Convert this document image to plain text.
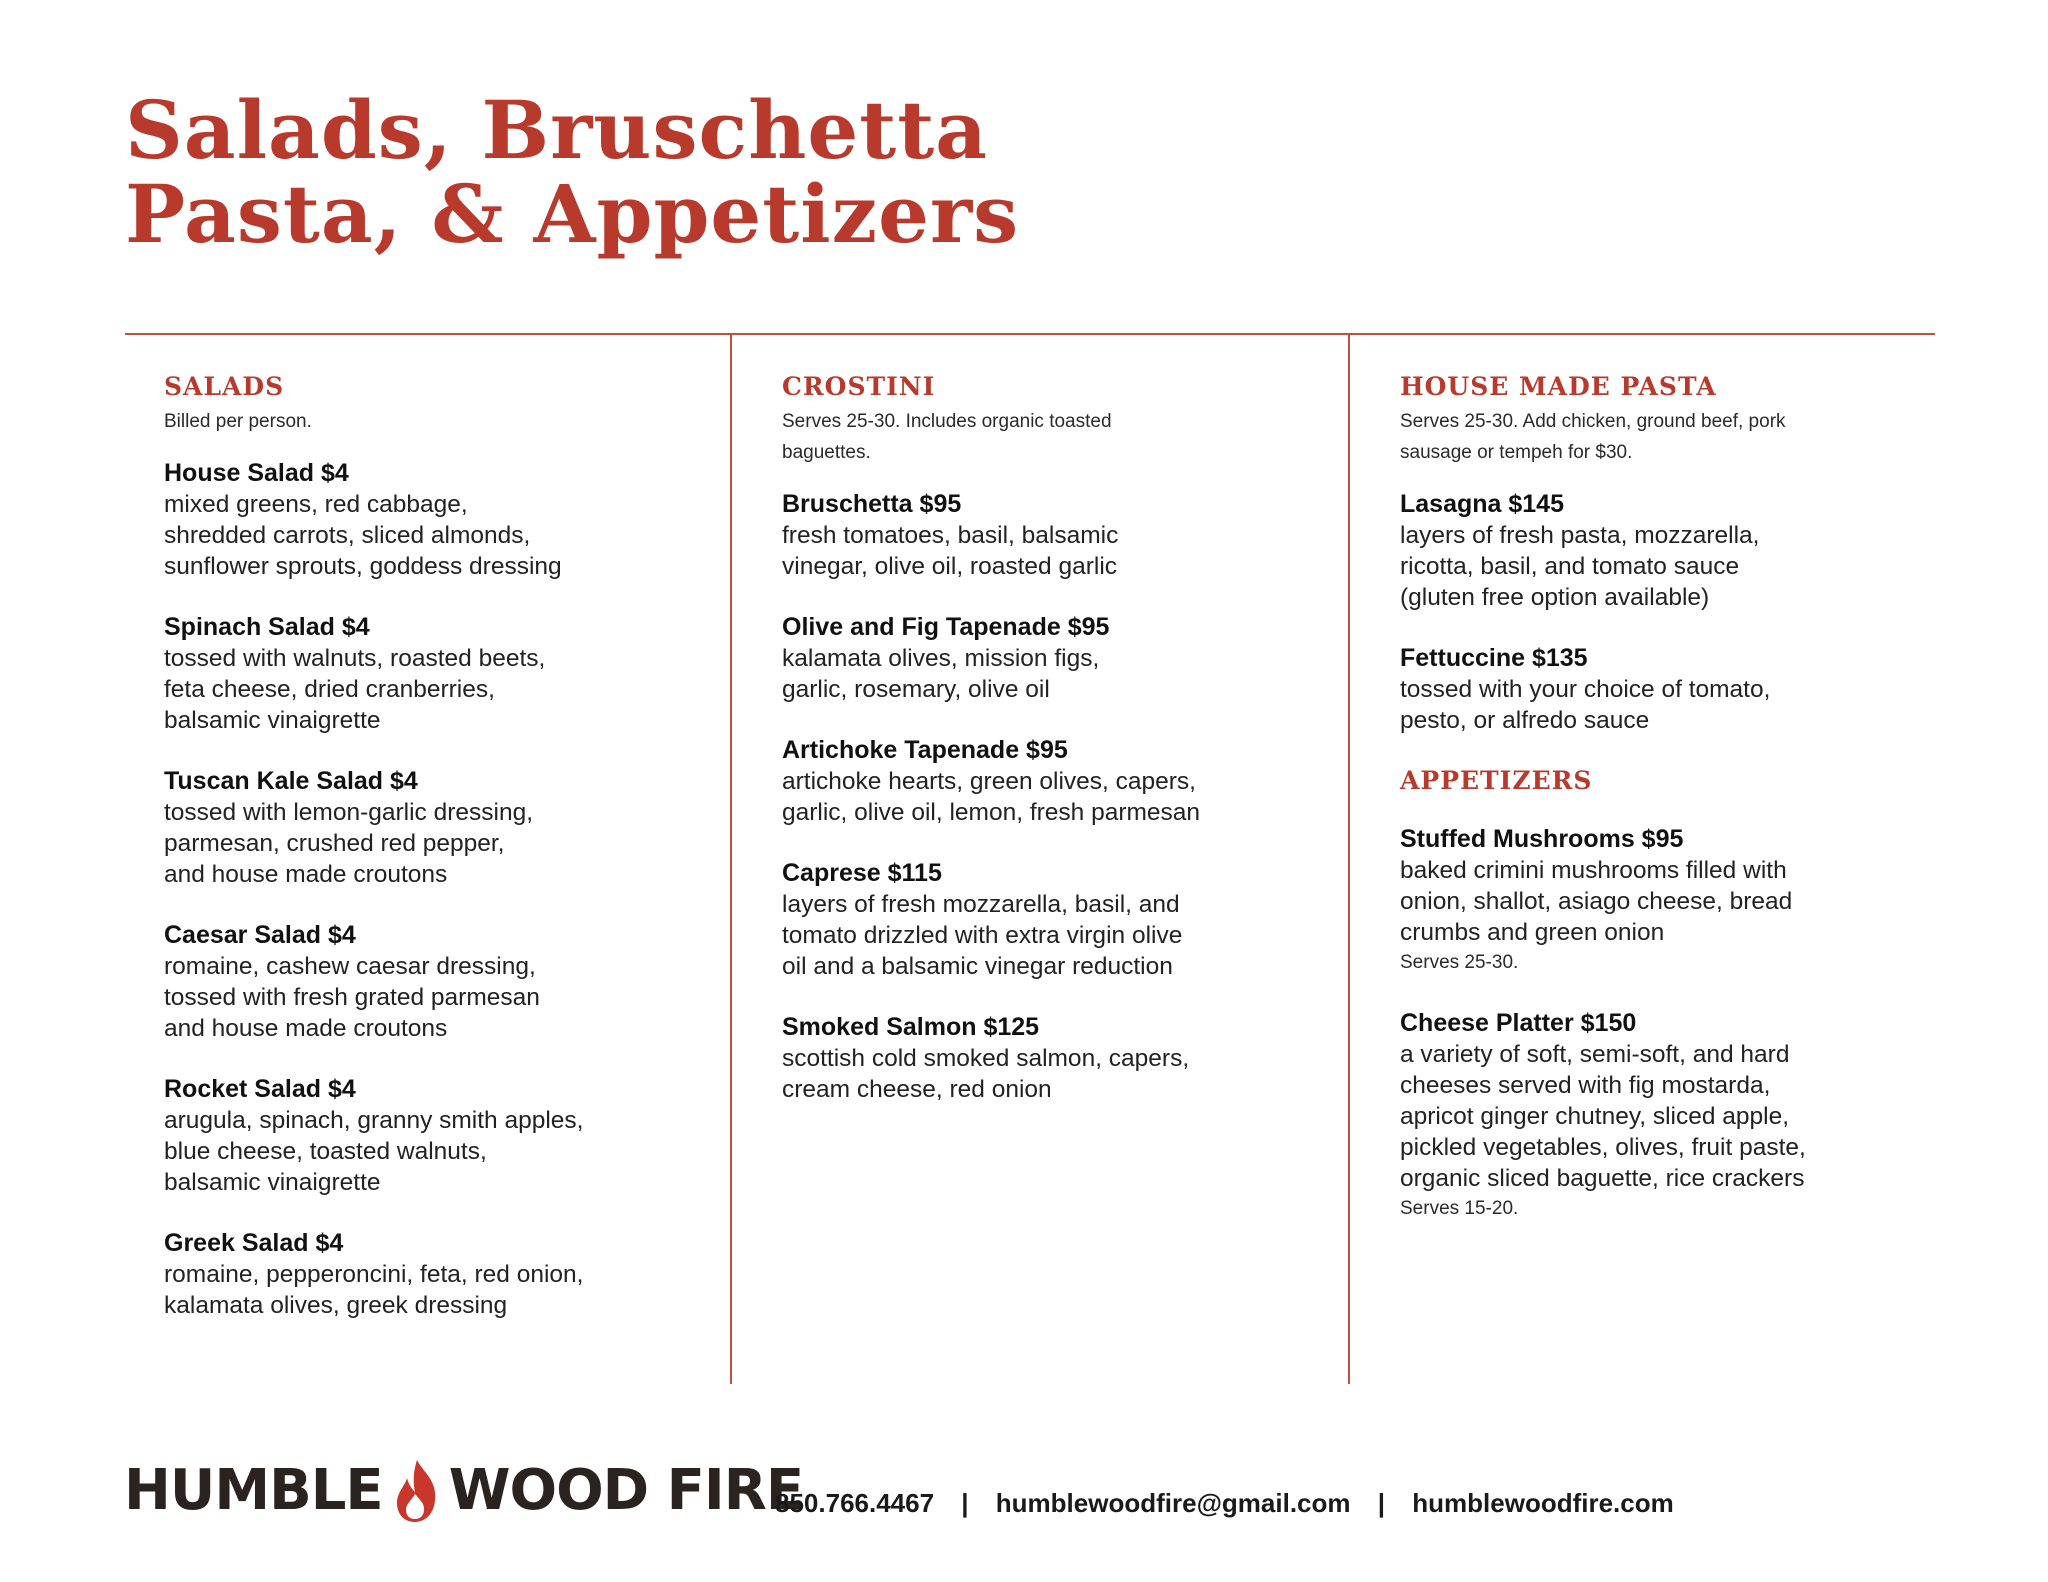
Salads, Bruschetta
Pasta, & Appetizers
SALADS

Billed per person.

House Salad $4

mixed greens, red cabbage,
shredded carrots, sliced almonds,
sunflower sprouts, goddess dressing

Spinach Salad $4

tossed with walnuts, roasted beets,
feta cheese, dried cranberries,
balsamic vinaigrette

Tuscan Kale Salad $4

tossed with lemon-garlic dressing,
parmesan, crushed red pepper,
and house made croutons

Caesar Salad $4

romaine, cashew caesar dressing,
tossed with fresh grated parmesan
and house made croutons

Rocket Salad $4

arugula, spinach, granny smith apples,
blue cheese, toasted walnuts,
balsamic vinaigrette

Greek Salad $4

romaine, pepperoncini, feta, red onion,
kalamata olives, greek dressing

CROSTINI

Serves 25-30. Includes organic toasted
baguettes.

Bruschetta $95

fresh tomatoes, basil, balsamic
vinegar, olive oil, roasted garlic

Olive and Fig Tapenade $95

kalamata olives, mission figs,
garlic, rosemary, olive oil

Artichoke Tapenade $95

artichoke hearts, green olives, capers,
garlic, olive oil, lemon, fresh parmesan

Caprese $115

layers of fresh mozzarella, basil, and
tomato drizzled with extra virgin olive
oil and a balsamic vinegar reduction

Smoked Salmon $125

scottish cold smoked salmon, capers,
cream cheese, red onion

HOUSE MADE PASTA

Serves 25-30. Add chicken, ground beef, pork
sausage or tempeh for $30.

Lasagna $145

layers of fresh pasta, mozzarella,
ricotta, basil, and tomato sauce
(gluten free option available)

Fettuccine $135

tossed with your choice of tomato,
pesto, or alfredo sauce

APPETIZERS

Stuffed Mushrooms $95

baked crimini mushrooms filled with
onion, shallot, asiago cheese, bread
crumbs and green onion

Serves 25-30.

Cheese Platter $150

a variety of soft, semi-soft, and hard
cheeses served with fig mostarda,
apricot ginger chutney, sliced apple,
pickled vegetables, olives, fruit paste,
organic sliced baguette, rice crackers

Serves 15-20.

HUMBLE WOOD FIRE
850.766.4467 | humblewoodfire@gmail.com | humblewoodfire.com
